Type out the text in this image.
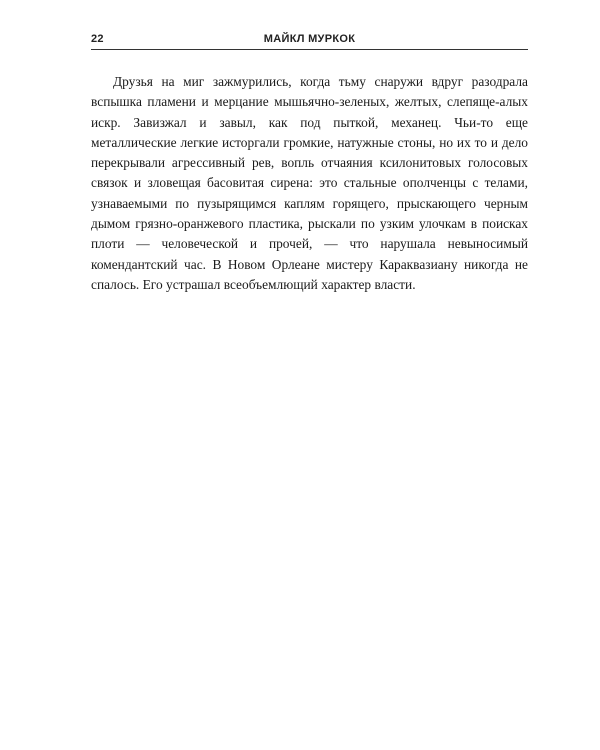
22	МАЙКЛ МУРКОК

Друзья на миг зажмурились, когда тьму снаружи вдруг разодрала вспышка пламени и мерцание мышьячно-зеленых, желтых, слепяще-алых искр. Завизжал и завыл, как под пыткой, механец. Чьи-то еще металлические легкие исторгали громкие, натужные стоны, но их то и дело перекрывали агрессивный рев, вопль отчаяния ксилонитовых голосовых связок и зловещая басовитая сирена: это стальные ополченцы с телами, узнаваемыми по пузырящимся каплям горящего, прыскающего черным дымом грязно-оранжевого пластика, рыскали по узким улочкам в поисках плоти — человеческой и прочей, — что нарушала невыносимый комендантский час. В Новом Орлеане мистеру Караквазиану никогда не спалось. Его устрашал всеобъемлющий характер власти.
